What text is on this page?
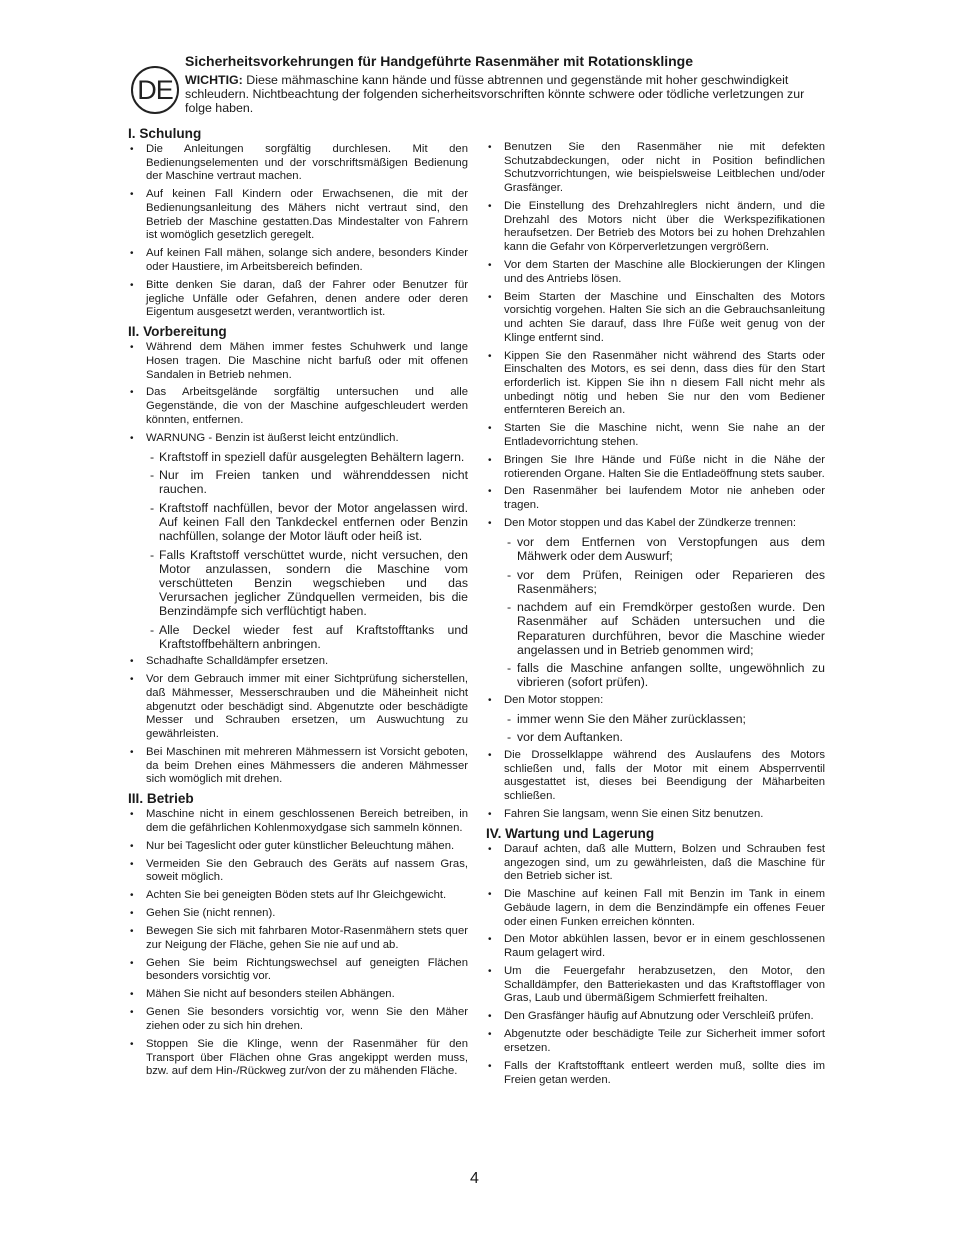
DE
Sicherheitsvorkehrungen für Handgeführte Rasenmäher mit Rotationsklinge

WICHTIG: Diese mähmaschine kann hände und füsse abtrennen und gegenstände mit hoher geschwindigkeit schleudern. Nichtbeachtung der folgenden sicherheitsvorschriften könnte schwere oder tödliche verletzungen zur folge haben.

I. Schulung
• Die Anleitungen sorgfältig durchlesen. Mit den Bedienungselementen und der vorschriftsmäßigen Bedienung der Maschine vertraut machen.
• Auf keinen Fall Kindern oder Erwachsenen, die mit der Bedienungsanleitung des Mähers nicht vertraut sind, den Betrieb der Maschine gestatten.Das Mindestalter von Fahrern ist womöglich gesetzlich geregelt.
• Auf keinen Fall mähen, solange sich andere, besonders Kinder oder Haustiere, im Arbeitsbereich befinden.
• Bitte denken Sie daran, daß der Fahrer oder Benutzer für jegliche Unfälle oder Gefahren, denen andere oder deren Eigentum ausgesetzt werden, verantwortlich ist.
II. Vorbereitung
• Während dem Mähen immer festes Schuhwerk und lange Hosen tragen. Die Maschine nicht barfuß oder mit offenen Sandalen in Betrieb nehmen.
• Das Arbeitsgelände sorgfältig untersuchen und alle Gegenstände, die von der Maschine aufgeschleudert werden könnten, entfernen.
• WARNUNG - Benzin ist äußerst leicht entzündlich.
- Kraftstoff in speziell dafür ausgelegten Behältern lagern.
- Nur im Freien tanken und währenddessen nicht rauchen.
- Kraftstoff nachfüllen, bevor der Motor angelassen wird. Auf keinen Fall den Tankdeckel entfernen oder Benzin nachfüllen, solange der Motor läuft oder heiß ist.
- Falls Kraftstoff verschüttet wurde, nicht versuchen, den Motor anzulassen, sondern die Maschine vom verschütteten Benzin wegschieben und das Verursachen jeglicher Zündquellen vermeiden, bis die Benzindämpfe sich verflüchtigt haben.
- Alle Deckel wieder fest auf Kraftstofftanks und Kraftstoffbehältern anbringen.
• Schadhafte Schalldämpfer ersetzen.
• Vor dem Gebrauch immer mit einer Sichtprüfung sicherstellen, daß Mähmesser, Messerschrauben und die Mäheinheit nicht abgenutzt oder beschädigt sind. Abgenutzte oder beschädigte Messer und Schrauben ersetzen, um Auswuchtung zu gewährleisten.
• Bei Maschinen mit mehreren Mähmessern ist Vorsicht geboten, da beim Drehen eines Mähmessers die anderen Mähmesser sich womöglich mit drehen.
III. Betrieb
• Maschine nicht in einem geschlossenen Bereich betreiben, in dem die gefährlichen Kohlenmoxydgase sich sammeln können.
• Nur bei Tageslicht oder guter künstlicher Beleuchtung mähen.
• Vermeiden Sie den Gebrauch des Geräts auf nassem Gras, soweit möglich.
• Achten Sie bei geneigten Böden stets auf Ihr Gleichgewicht.
• Gehen Sie (nicht rennen).
• Bewegen Sie sich mit fahrbaren Motor-Rasenmähern stets quer zur Neigung der Fläche, gehen Sie nie auf und ab.
• Gehen Sie beim Richtungswechsel auf geneigten Flächen besonders vorsichtig vor.
• Mähen Sie nicht auf besonders steilen Abhängen.
• Genen Sie besonders vorsichtig vor, wenn Sie den Mäher ziehen oder zu sich hin drehen.
• Stoppen Sie die Klinge, wenn der Rasenmäher für den Transport über Flächen ohne Gras angekippt werden muss, bzw. auf dem Hin-/Rückweg zur/von der zu mähenden Fläche.
• Benutzen Sie den Rasenmäher nie mit defekten Schutzabdeckungen, oder nicht in Position befindlichen Schutzvorrichtungen, wie beispielsweise Leitblechen und/oder Grasfänger.
• Die Einstellung des Drehzahlreglers nicht ändern, und die Drehzahl des Motors nicht über die Werkspezifikationen heraufsetzen. Der Betrieb des Motors bei zu hohen Drehzahlen kann die Gefahr von Körperverletzungen vergrößern.
• Vor dem Starten der Maschine alle Blockierungen der Klingen und des Antriebs lösen.
• Beim Starten der Maschine und Einschalten des Motors vorsichtig vorgehen. Halten Sie sich an die Gebrauchsanleitung und achten Sie darauf, dass Ihre Füße weit genug von der Klinge entfernt sind.
• Kippen Sie den Rasenmäher nicht während des Starts oder Einschalten des Motors, es sei denn, dass dies für den Start erforderlich ist. Kippen Sie ihn n diesem Fall nicht mehr als unbedingt nötig und heben Sie nur den vom Bediener entfernteren Bereich an.
• Starten Sie die Maschine nicht, wenn Sie nahe an der Entladevorrichtung stehen.
• Bringen Sie Ihre Hände und Füße nicht in die Nähe der rotierenden Organe. Halten Sie die Entladeöffnung stets sauber.
• Den Rasenmäher bei laufendem Motor nie anheben oder tragen.
• Den Motor stoppen und das Kabel der Zündkerze trennen:
- vor dem Entfernen von Verstopfungen aus dem Mähwerk oder dem Auswurf;
- vor dem Prüfen, Reinigen oder Reparieren des Rasenmähers;
- nachdem auf ein Fremdkörper gestoßen wurde. Den Rasenmäher auf Schäden untersuchen und die Reparaturen durchführen, bevor die Maschine wieder angelassen und in Betrieb genommen wird;
- falls die Maschine anfangen sollte, ungewöhnlich zu vibrieren (sofort prüfen).
• Den Motor stoppen:
- immer wenn Sie den Mäher zurücklassen;
- vor dem Auftanken.
• Die Drosselklappe während des Auslaufens des Motors schließen und, falls der Motor mit einem Absperrventil ausgestattet ist, dieses bei Beendigung der Mäharbeiten schließen.
• Fahren Sie langsam, wenn Sie einen Sitz benutzen.
IV. Wartung und Lagerung
• Darauf achten, daß alle Muttern, Bolzen und Schrauben fest angezogen sind, um zu gewährleisten, daß die Maschine für den Betrieb sicher ist.
• Die Maschine auf keinen Fall mit Benzin im Tank in einem Gebäude lagern, in dem die Benzindämpfe ein offenes Feuer oder einen Funken erreichen könnten.
• Den Motor abkühlen lassen, bevor er in einem geschlossenen Raum gelagert wird.
• Um die Feuergefahr herabzusetzen, den Motor, den Schalldämpfer, den Batteriekasten und das Kraftstofflager von Gras, Laub und übermäßigem Schmierfett freihalten.
• Den Grasfänger häufig auf Abnutzung oder Verschleiß prüfen.
• Abgenutzte oder beschädigte Teile zur Sicherheit immer sofort ersetzen.
• Falls der Kraftstofftank entleert werden muß, sollte dies im Freien getan werden.
4
